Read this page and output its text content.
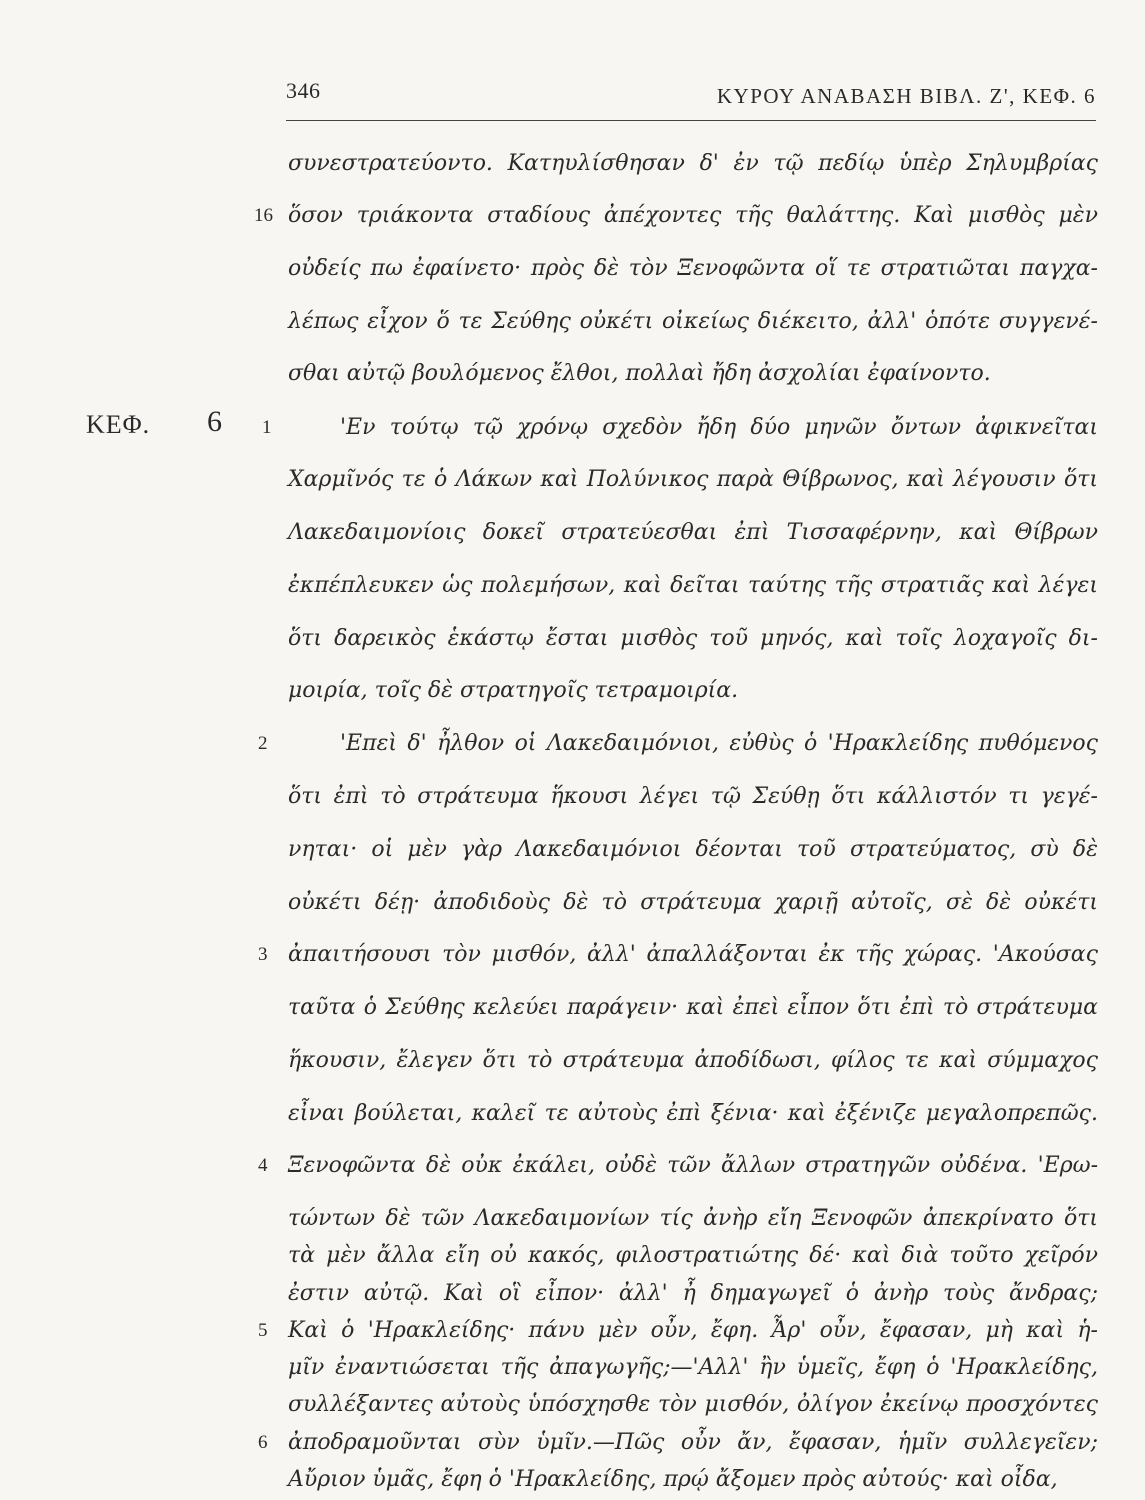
346	ΚΥΡΟΥ ΑΝΑΒΑΣΗ ΒΙΒΛ. Ζ', ΚΕΦ. 6
ΚΕΦ. 6
16
1
2
3
4
5
6
συνεστρατεύοντο. Κατηυλίσθησαν δ' ἐν τῷ πεδίῳ ὑπὲρ Σηλυμβρίας
ὅσον τριάκοντα σταδίους ἀπέχοντες τῆς θαλάττης. Καὶ μισθὸς μὲν
οὐδείς πω ἐφαίνετο· πρὸς δὲ τὸν Ξενοφῶντα οἵ τε στρατιῶται παγχα-
λέπως εἶχον ὅ τε Σεύθης οὐκέτι οἰκείως διέκειτο, ἀλλ' ὁπότε συγγενέ-
σθαι αὐτῷ βουλόμενος ἔλθοι, πολλαὶ ἤδη ἀσχολίαι ἐφαίνοντο.
'Εν τούτῳ τῷ χρόνῳ σχεδὸν ἤδη δύο μηνῶν ὄντων ἀφικνεῖται
Χαρμῖνός τε ὁ Λάκων καὶ Πολύνικος παρὰ Θίβρωνος, καὶ λέγουσιν ὅτι
Λακεδαιμονίοις δοκεῖ στρατεύεσθαι ἐπὶ Τισσαφέρνην, καὶ Θίβρων
ἐκπέπλευκεν ὡς πολεμήσων, καὶ δεῖται ταύτης τῆς στρατιᾶς καὶ λέγει
ὅτι δαρεικὸς ἑκάστῳ ἔσται μισθὸς τοῦ μηνός, καὶ τοῖς λοχαγοῖς δι-
μοιρία, τοῖς δὲ στρατηγοῖς τετραμοιρία.
'Επεὶ δ' ἦλθον οἱ Λακεδαιμόνιοι, εὐθὺς ὁ 'Ηρακλείδης πυθόμενος
ὅτι ἐπὶ τὸ στράτευμα ἥκουσι λέγει τῷ Σεύθῃ ὅτι κάλλιστόν τι γεγέ-
νηται· οἱ μὲν γὰρ Λακεδαιμόνιοι δέονται τοῦ στρατεύματος, σὺ δὲ
οὐκέτι δέῃ· ἀποδιδοὺς δὲ τὸ στράτευμα χαριῇ αὐτοῖς, σὲ δὲ οὐκέτι
ἀπαιτήσουσι τὸν μισθόν, ἀλλ' ἀπαλλάξονται ἐκ τῆς χώρας. 'Ακούσας
ταῦτα ὁ Σεύθης κελεύει παράγειν· καὶ ἐπεὶ εἶπον ὅτι ἐπὶ τὸ στράτευμα
ἥκουσιν, ἔλεγεν ὅτι τὸ στράτευμα ἀποδίδωσι, φίλος τε καὶ σύμμαχος
εἶναι βούλεται, καλεῖ τε αὐτοὺς ἐπὶ ξένια· καὶ ἐξένιζε μεγαλοπρεπῶς.
Ξενοφῶντα δὲ οὐκ ἐκάλει, οὐδὲ τῶν ἄλλων στρατηγῶν οὐδένα. 'Ερω-
τώντων δὲ τῶν Λακεδαιμονίων τίς ἀνὴρ εἴη Ξενοφῶν ἀπεκρίνατο ὅτι
τὰ μὲν ἄλλα εἴη οὐ κακός, φιλοστρατιώτης δέ· καὶ διὰ τοῦτο χεῖρόν
ἐστιν αὐτῷ. Καὶ οἳ εἶπον· ἀλλ' ἦ δημαγωγεῖ ὁ ἀνὴρ τοὺς ἄνδρας;
Καὶ ὁ 'Ηρακλείδης· πάνυ μὲν οὖν, ἔφη. Ἆρ' οὖν, ἔφασαν, μὴ καὶ ἡ-
μῖν ἐναντιώσεται τῆς ἀπαγωγῆς;—'Αλλ' ἢν ὑμεῖς, ἔφη ὁ 'Ηρακλείδης,
συλλέξαντες αὐτοὺς ὑπόσχησθε τὸν μισθόν, ὀλίγον ἐκείνῳ προσχόντες
ἀποδραμοῦνται σὺν ὑμῖν.—Πῶς οὖν ἄν, ἔφασαν, ἡμῖν συλλεγεῖεν;
Αὔριον ὑμᾶς, ἔφη ὁ 'Ηρακλείδης, πρῴ ἄξομεν πρὸς αὐτούς· καὶ οἶδα,
